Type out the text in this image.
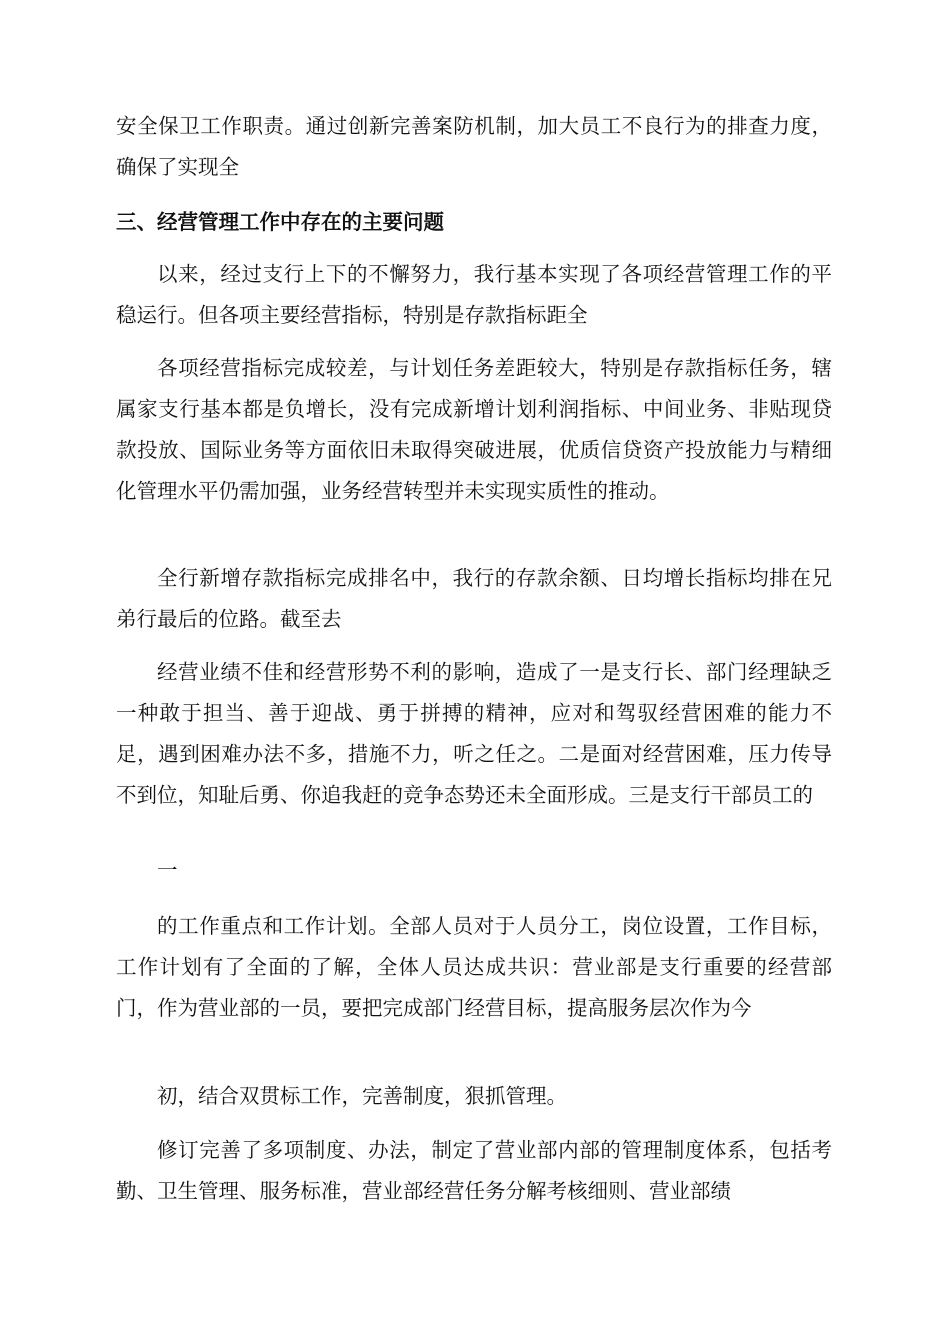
安全保卫工作职责。通过创新完善案防机制，加大员工不良行为的排查力度，确保了实现全

三、经营管理工作中存在的主要问题

以来，经过支行上下的不懈努力，我行基本实现了各项经营管理工作的平稳运行。但各项主要经营指标，特别是存款指标距全

各项经营指标完成较差，与计划任务差距较大，特别是存款指标任务，辖属家支行基本都是负增长，没有完成新增计划利润指标、中间业务、非贴现贷款投放、国际业务等方面依旧未取得突破进展，优质信贷资产投放能力与精细化管理水平仍需加强，业务经营转型并未实现实质性的推动。

全行新增存款指标完成排名中，我行的存款余额、日均增长指标均排在兄弟行最后的位路。截至去

经营业绩不佳和经营形势不利的影响，造成了一是支行长、部门经理缺乏一种敢于担当、善于迎战、勇于拼搏的精神，应对和驾驭经营困难的能力不足，遇到困难办法不多，措施不力，听之任之。二是面对经营困难，压力传导不到位，知耻后勇、你追我赶的竞争态势还未全面形成。三是支行干部员工的

一

的工作重点和工作计划。全部人员对于人员分工，岗位设置，工作目标，工作计划有了全面的了解，全体人员达成共识：营业部是支行重要的经营部门，作为营业部的一员，要把完成部门经营目标，提高服务层次作为今

初，结合双贯标工作，完善制度，狠抓管理。

修订完善了多项制度、办法，制定了营业部内部的管理制度体系，包括考勤、卫生管理、服务标准，营业部经营任务分解考核细则、营业部绩
